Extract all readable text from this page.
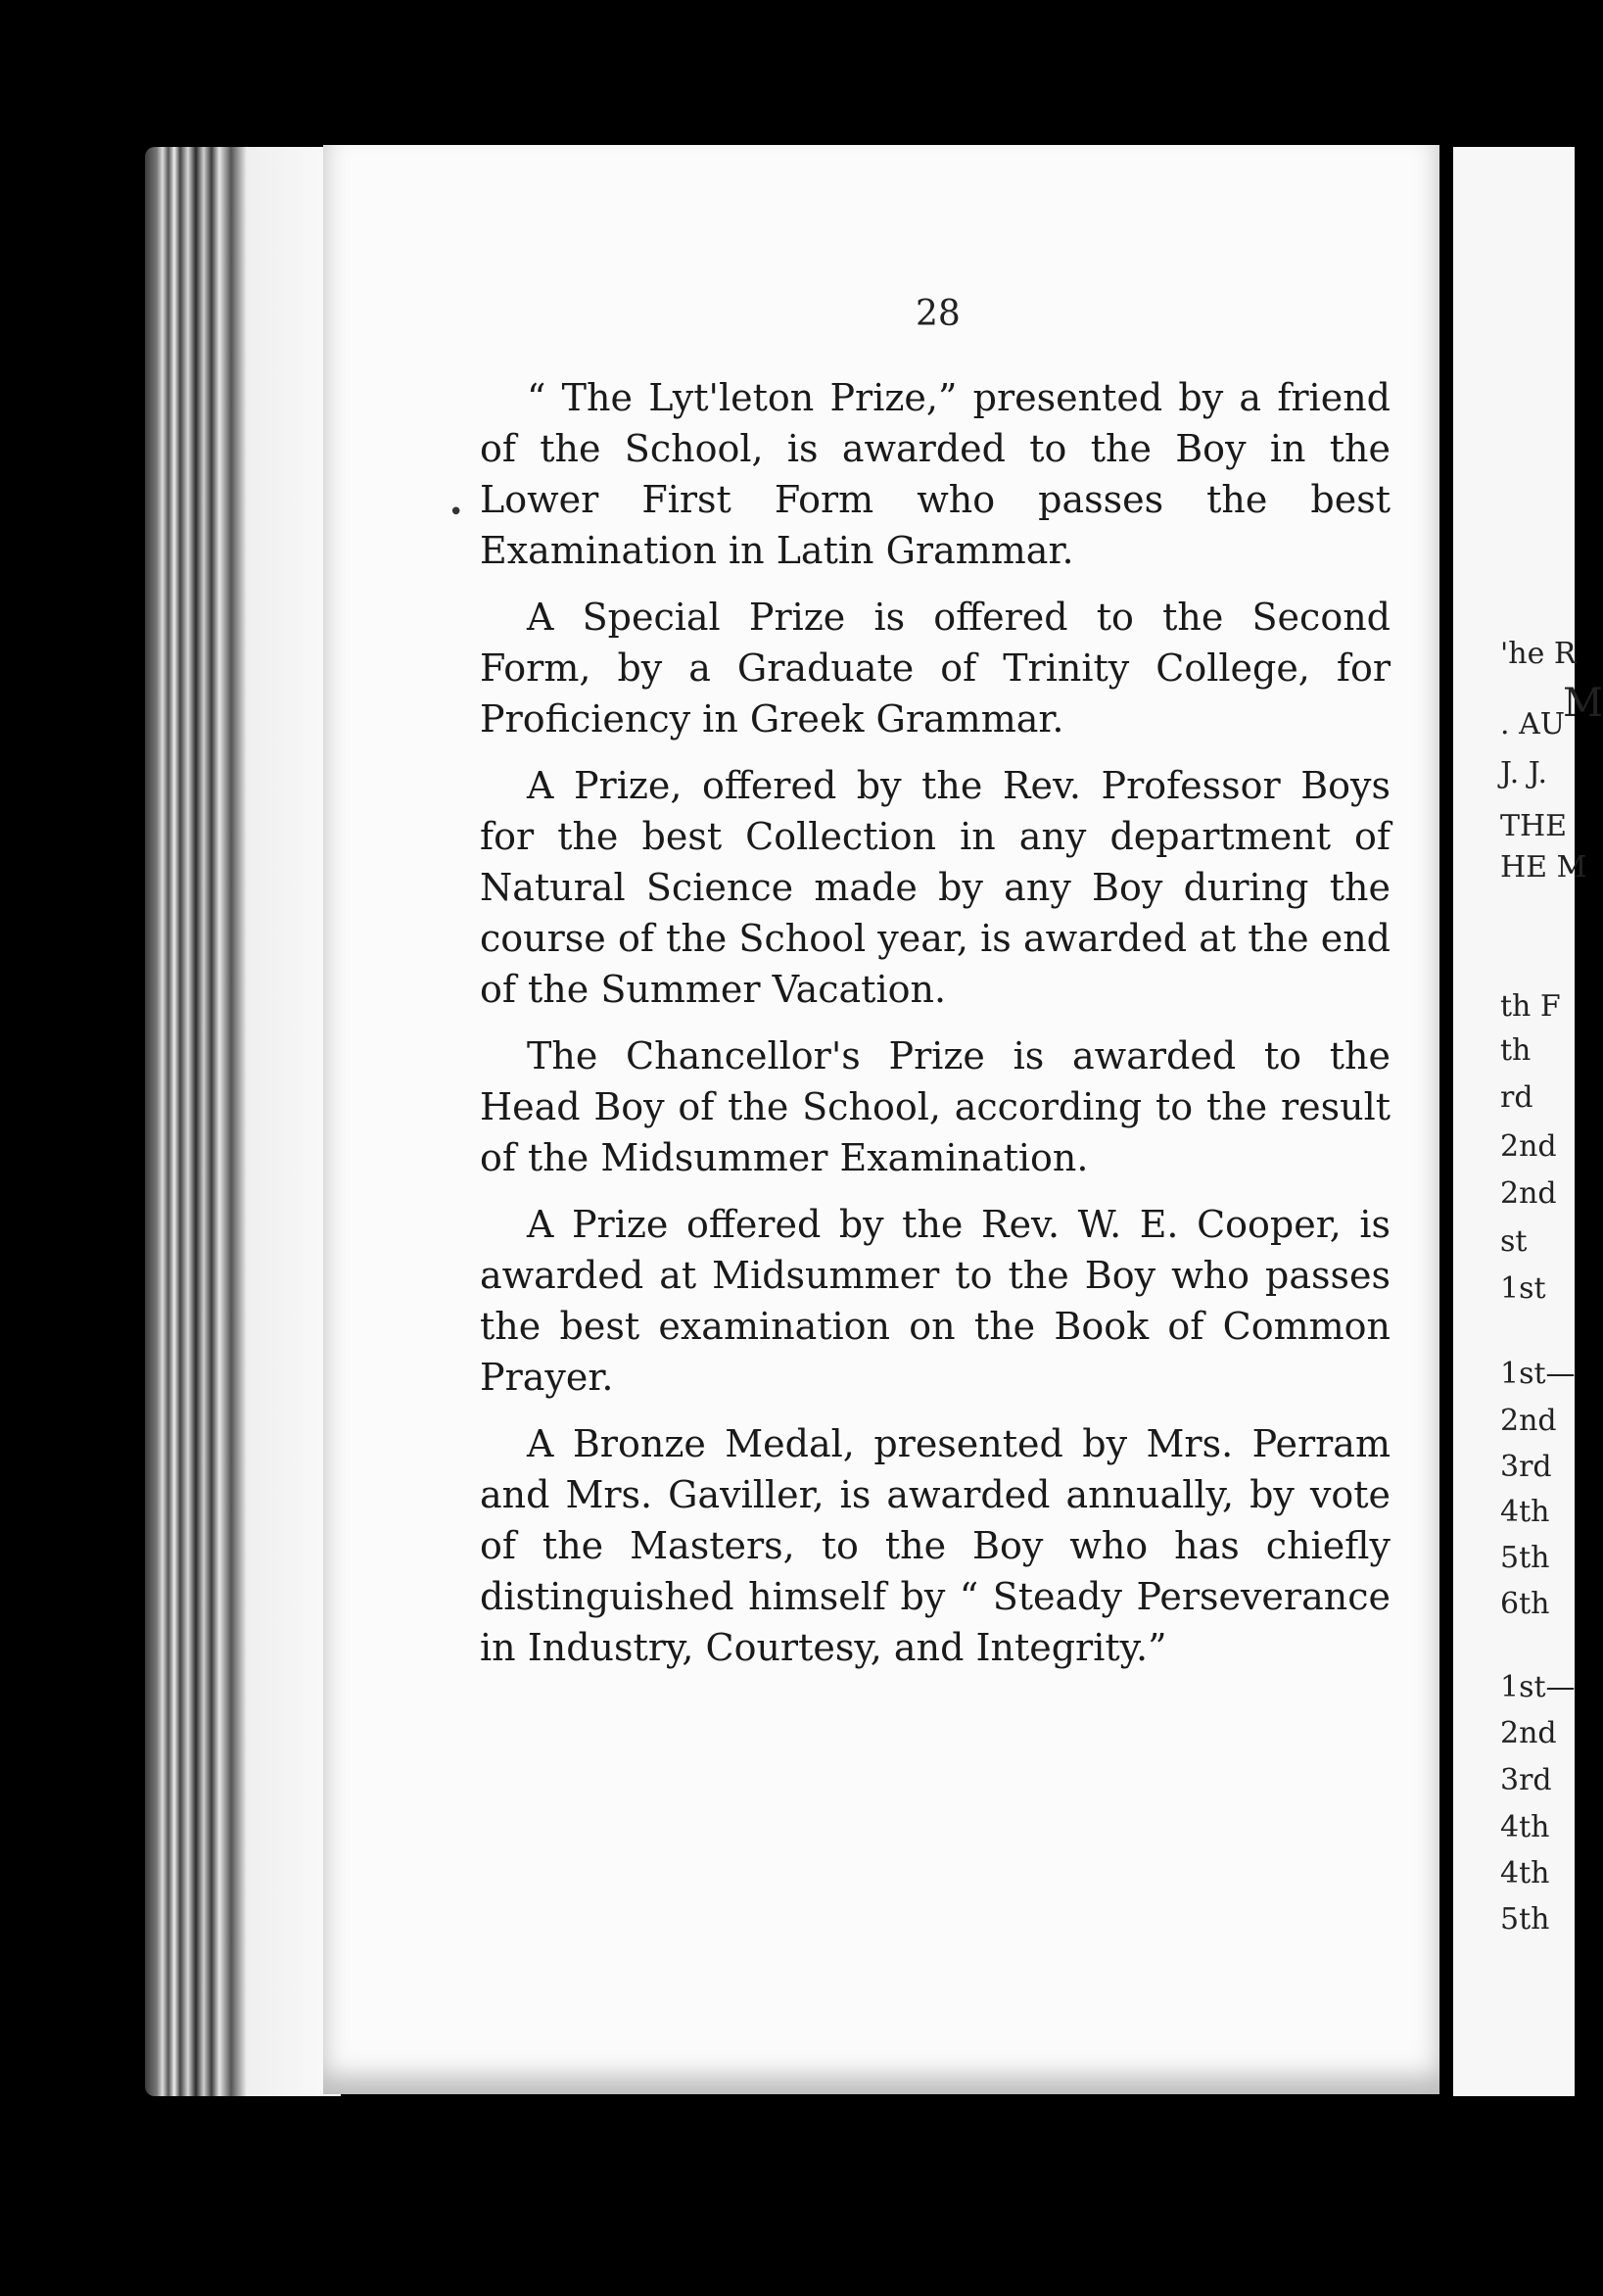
28

“ The Lyt'leton Prize,” presented by a friend of the School, is awarded to the Boy in the Lower First Form who passes the best Examination in Latin Grammar.

A Special Prize is offered to the Second Form, by a Graduate of Trinity College, for Proficiency in Greek Grammar.

A Prize, offered by the Rev. Professor Boys for the best Collection in any department of Natural Science made by any Boy during the course of the School year, is awarded at the end of the Summer Vacation.

The Chancellor's Prize is awarded to the Head Boy of the School, according to the result of the Midsummer Examination.

A Prize offered by the Rev. W. E. Cooper, is awarded at Midsummer to the Boy who passes the best examination on the Book of Common Prayer.

A Bronze Medal, presented by Mrs. Perram and Mrs. Gaviller, is awarded annually, by vote of the Masters, to the Boy who has chiefly distinguished himself by “ Steady Perseverance in Industry, Courtesy, and Integrity.”

M
'he R
. AU
J. J.
THE
HE M
th F
th
rd
2nd
2nd
st
1st
1st—
2nd
3rd
4th
5th
6th
1st—
2nd
3rd
4th
4th
5th
•
